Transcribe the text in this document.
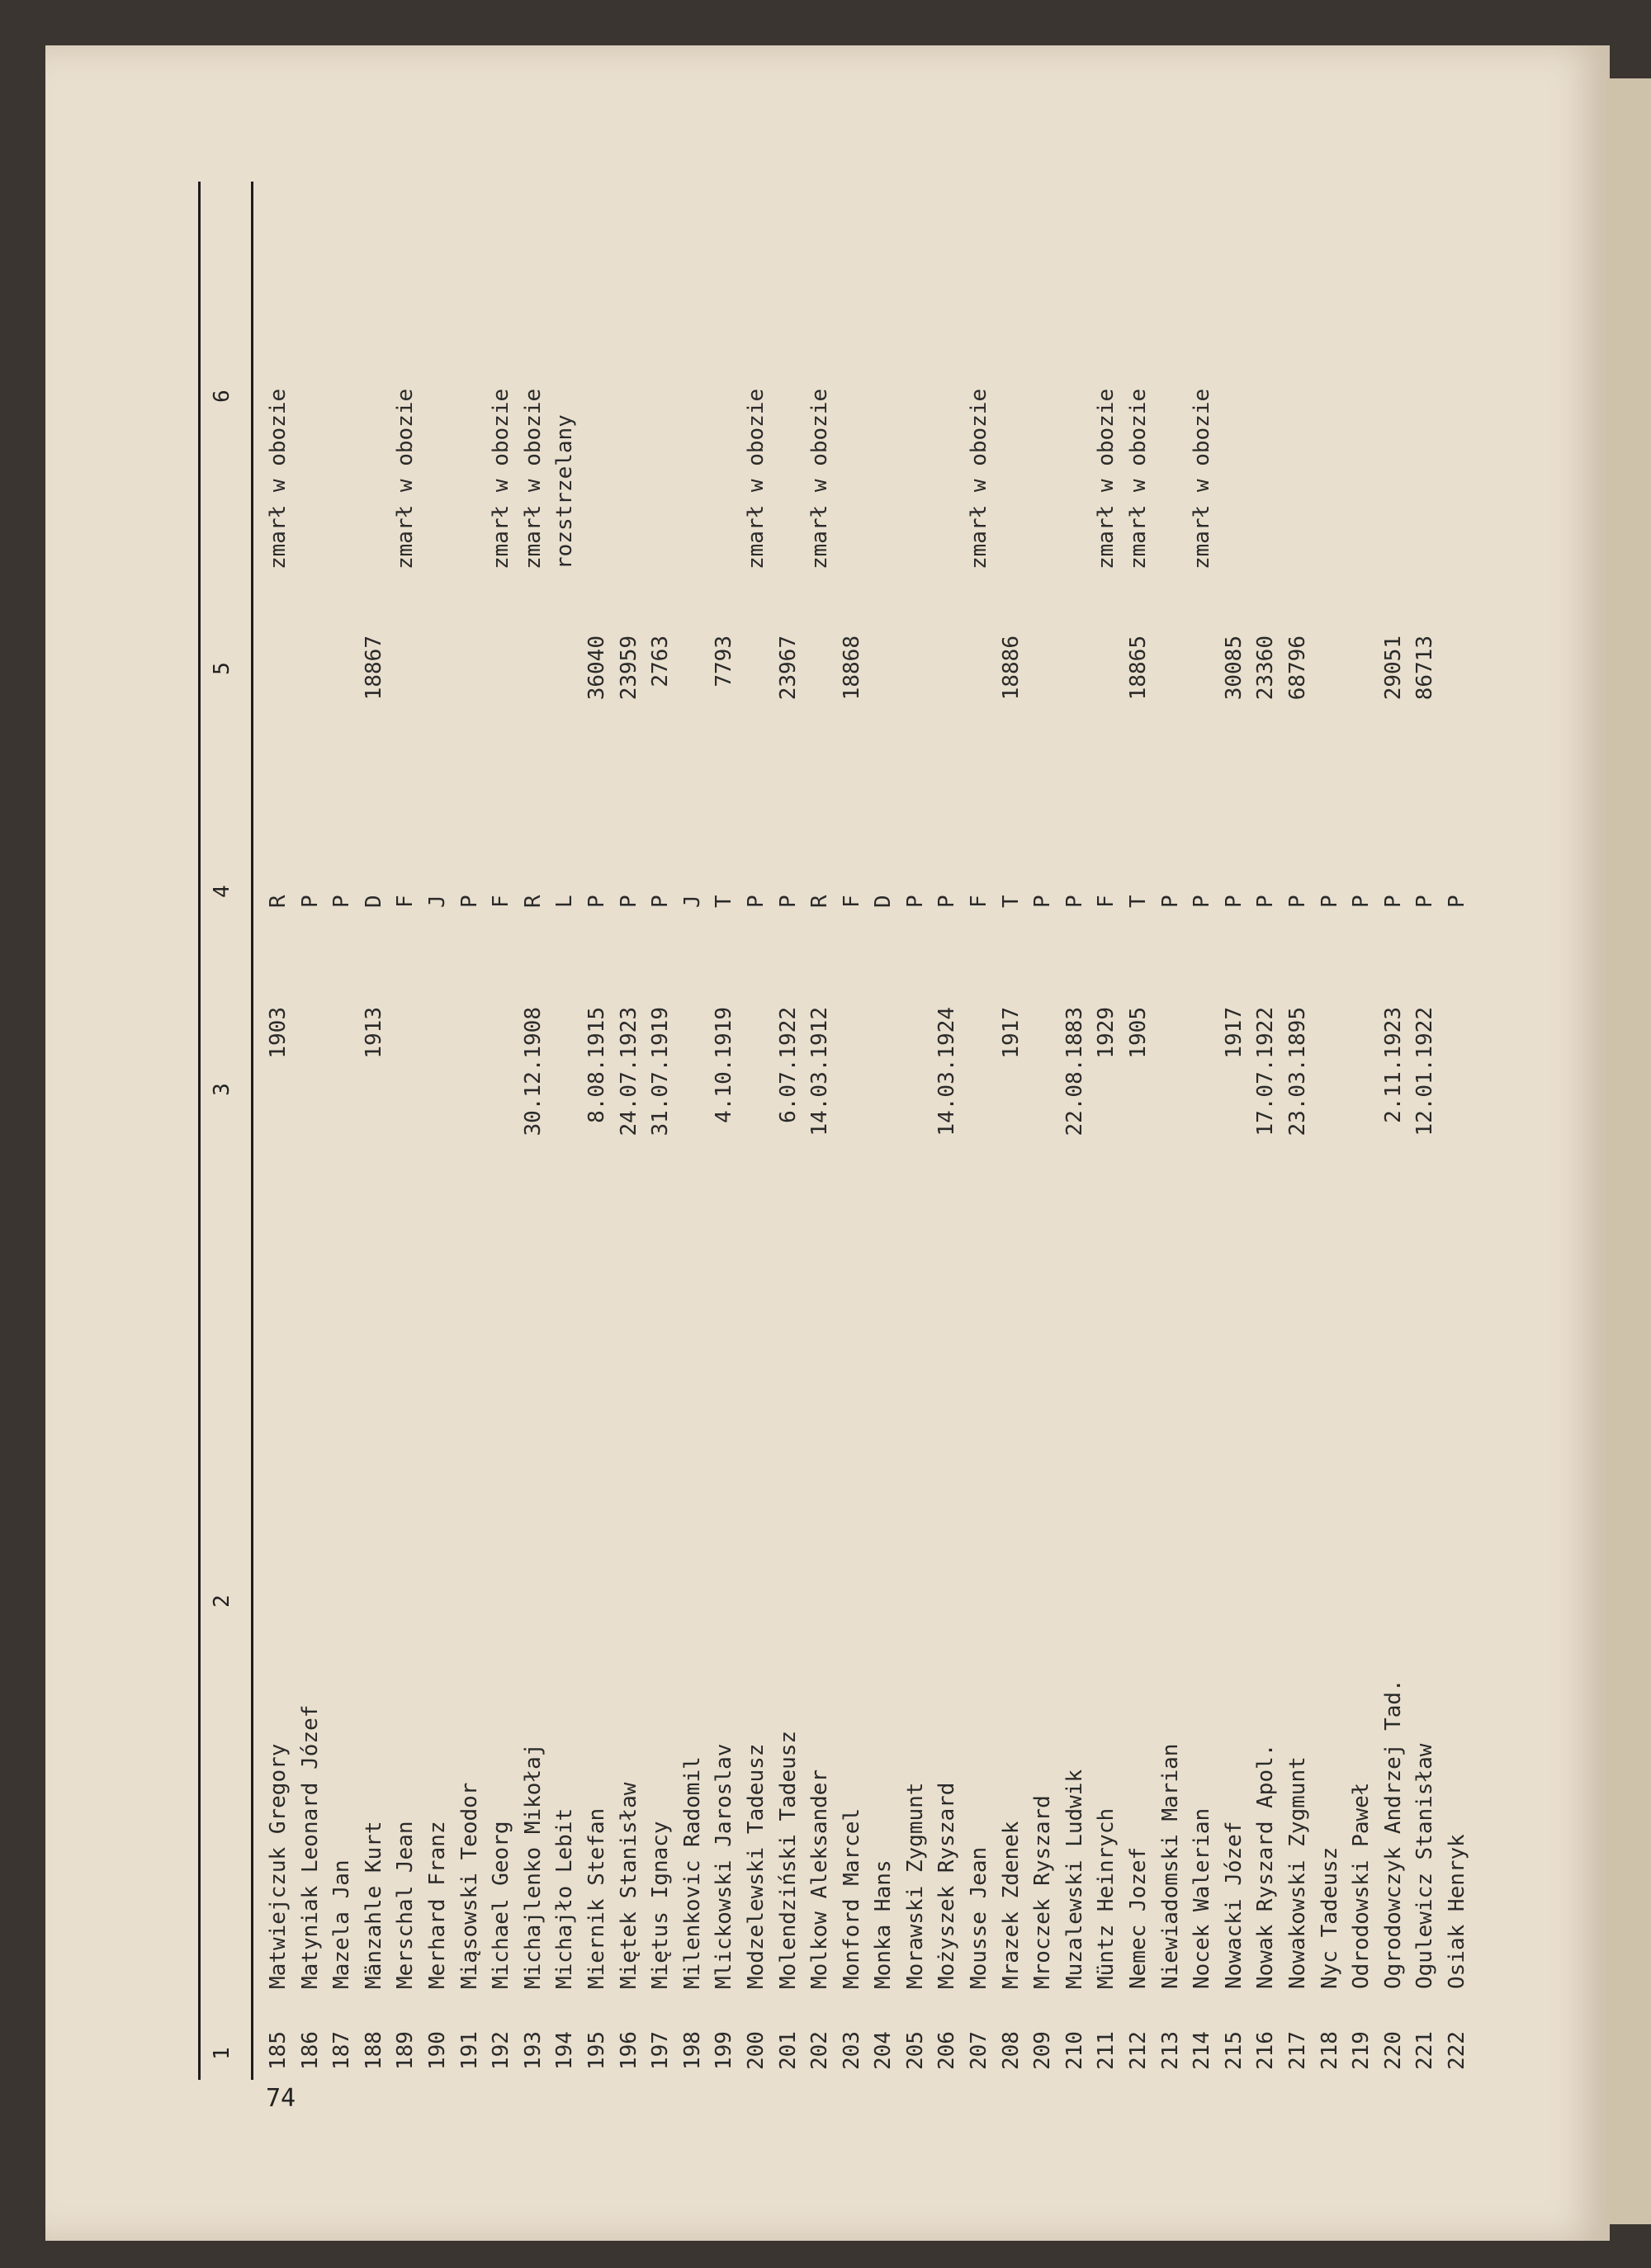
74
1
2
3
4
5
6
185
Matwiejczuk Gregory
1903
R
zmarł w obozie
186
Matyniak Leonard Józef
P
187
Mazela Jan
P
188
Mänzahle Kurt
1913
D
18867
189
Merschal Jean
F
zmarł w obozie
190
Merhard Franz
J
191
Miąsowski Teodor
P
192
Michael Georg
F
zmarł w obozie
193
Michajlenko Mikołaj
30.12.1908
R
zmarł w obozie
194
Michajło Lebit
L
rozstrzelany
195
Miernik Stefan
8.08.1915
P
36040
196
Miętek Stanisław
24.07.1923
P
23959
197
Miętus Ignacy
31.07.1919
P
2763
198
Milenkovic Radomil
J
199
Mlickowski Jaroslav
4.10.1919
T
7793
200
Modzelewski Tadeusz
P
zmarł w obozie
201
Molendziński Tadeusz
6.07.1922
P
23967
202
Molkow Aleksander
14.03.1912
R
zmarł w obozie
203
Monford Marcel
F
18868
204
Monka Hans
D
205
Morawski Zygmunt
P
206
Możyszek Ryszard
14.03.1924
P
207
Mousse Jean
F
zmarł w obozie
208
Mrazek Zdenek
1917
T
18886
209
Mroczek Ryszard
P
210
Muzalewski Ludwik
22.08.1883
P
211
Müntz Heinrych
1929
F
zmarł w obozie
212
Nemec Jozef
1905
T
18865
zmarł w obozie
213
Niewiadomski Marian
P
214
Nocek Walerian
P
zmarł w obozie
215
Nowacki Józef
1917
P
30085
216
Nowak Ryszard Apol.
17.07.1922
P
23360
217
Nowakowski Zygmunt
23.03.1895
P
68796
218
Nyc Tadeusz
P
219
Odrodowski Paweł
P
220
Ogrodowczyk Andrzej Tad.
2.11.1923
P
29051
221
Ogulewicz Stanisław
12.01.1922
P
86713
222
Osiak Henryk
P
